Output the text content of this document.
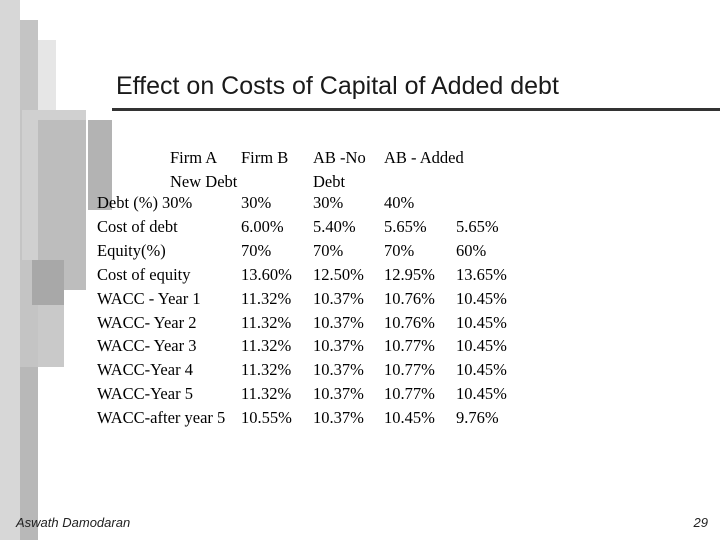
Effect on Costs of Capital of Added debt
Firm A Firm B AB -No AB - Added
New Debt	Debt
Debt (%) 30%	30%	30% 40%
Cost of debt	6.00% 5.40% 5.65% 5.65%
Equity(%)	70%	70% 70%	60%
Cost of equity	13.60% 12.50% 12.95% 13.65%
WACC - Year 1 11.32% 10.37% 10.76% 10.45%
WACC- Year 2	11.32% 10.37% 10.76% 10.45%
WACC- Year 3	11.32% 10.37% 10.77% 10.45%
WACC-Year 4	11.32% 10.37% 10.77% 10.45%
WACC-Year 5	11.32% 10.37% 10.77% 10.45%
WACC-after year 5 10.55% 10.37% 10.45% 9.76%
Aswath Damodaran	29
